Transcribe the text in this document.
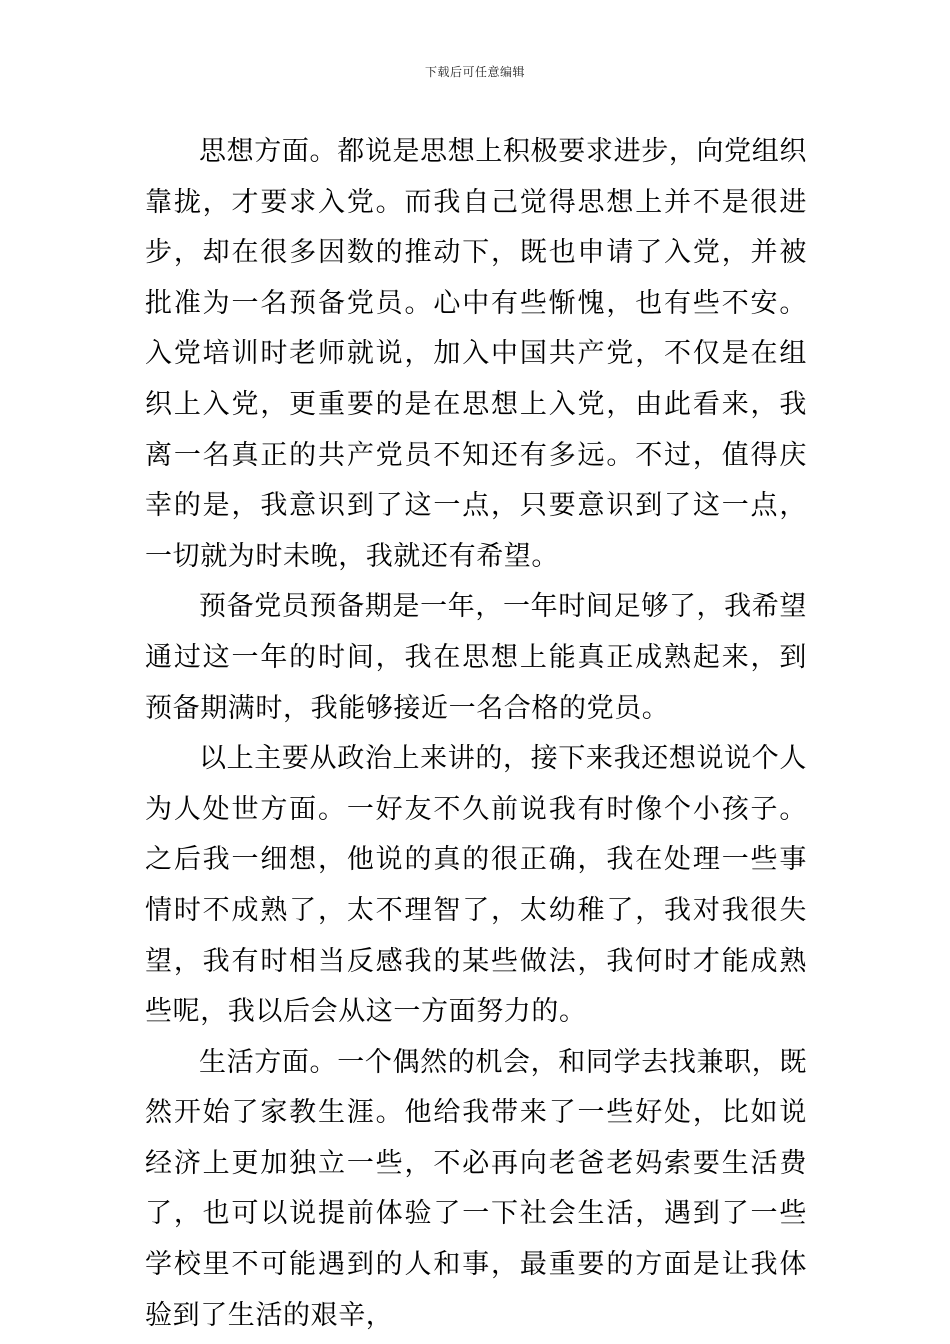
下载后可任意编辑

思想方面。都说是思想上积极要求进步，向党组织靠拢，才要求入党。而我自己觉得思想上并不是很进步，却在很多因数的推动下，既也申请了入党，并被批准为一名预备党员。心中有些惭愧，也有些不安。入党培训时老师就说，加入中国共产党，不仅是在组织上入党，更重要的是在思想上入党，由此看来，我离一名真正的共产党员不知还有多远。不过，值得庆幸的是，我意识到了这一点，只要意识到了这一点，一切就为时未晚，我就还有希望。

预备党员预备期是一年，一年时间足够了，我希望通过这一年的时间，我在思想上能真正成熟起来，到预备期满时，我能够接近一名合格的党员。

以上主要从政治上来讲的，接下来我还想说说个人为人处世方面。一好友不久前说我有时像个小孩子。之后我一细想，他说的真的很正确，我在处理一些事情时不成熟了，太不理智了，太幼稚了，我对我很失望，我有时相当反感我的某些做法，我何时才能成熟些呢，我以后会从这一方面努力的。

生活方面。一个偶然的机会，和同学去找兼职，既然开始了家教生涯。他给我带来了一些好处，比如说经济上更加独立一些，不必再向老爸老妈索要生活费了，也可以说提前体验了一下社会生活，遇到了一些学校里不可能遇到的人和事，最重要的方面是让我体验到了生活的艰辛，
